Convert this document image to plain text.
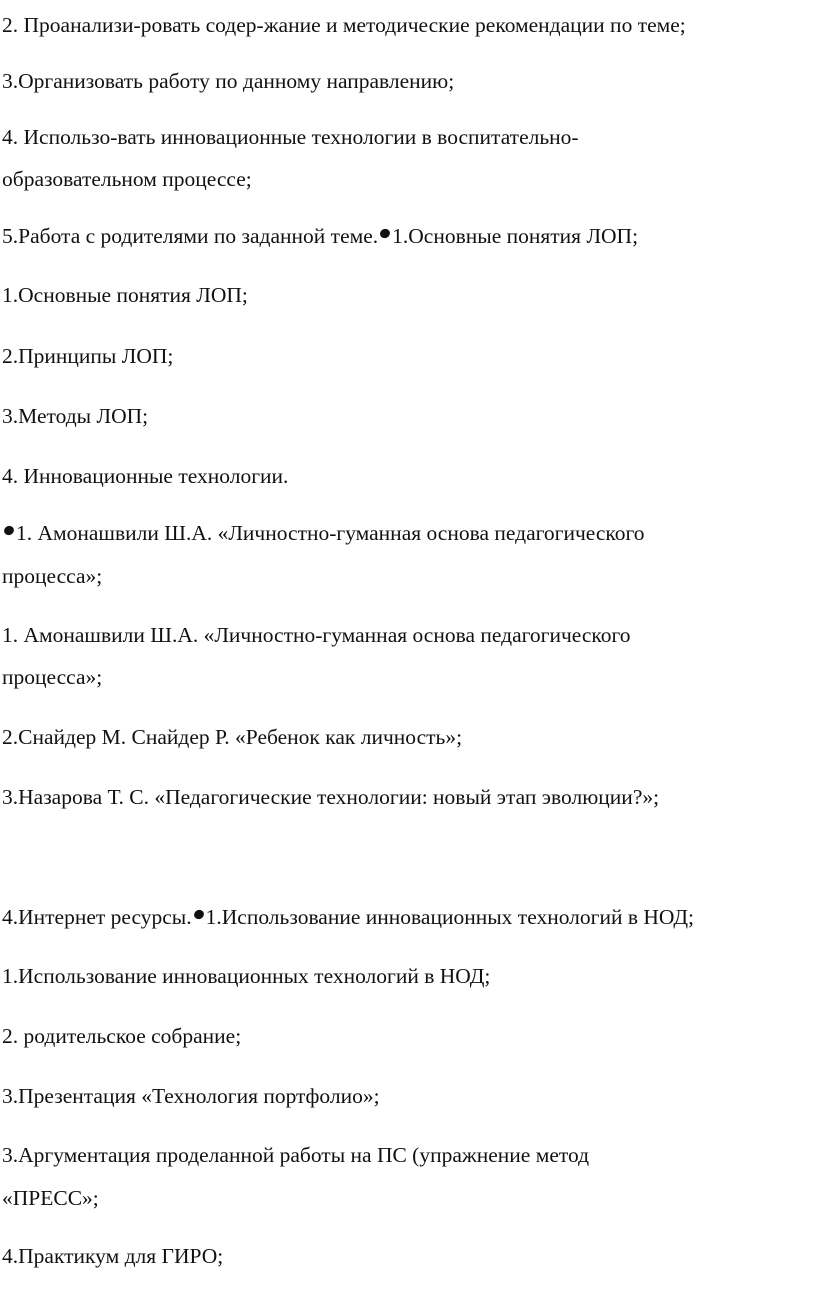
2. Проанализи-ровать содер-жание и методические рекомендации по теме;
3.Организовать работу по данному направлению;
4. Использо-вать инновационные технологии в воспитательно-
образовательном процессе;
5.Работа с родителями по заданной теме. 1.Основные понятия ЛОП;
1.Основные понятия ЛОП;
2.Принципы ЛОП;
3.Методы ЛОП;
4. Инновационные технологии.
1. Амонашвили Ш.А. «Личностно-гуманная основа педагогического
процесса»;
1. Амонашвили Ш.А. «Личностно-гуманная основа педагогического
процесса»;
2.Снайдер М. Снайдер Р. «Ребенок как личность»;
3.Назарова Т. С. «Педагогические технологии: новый этап эволюции?»;
4.Интернет ресурсы. 1.Использование инновационных технологий в НОД;
1.Использование инновационных технологий в НОД;
2. родительское собрание;
3.Презентация «Технология портфолио»;
3.Аргументация проделанной работы на ПС (упражнение метод
«ПРЕСС»;
4.Практикум для ГИРО;
